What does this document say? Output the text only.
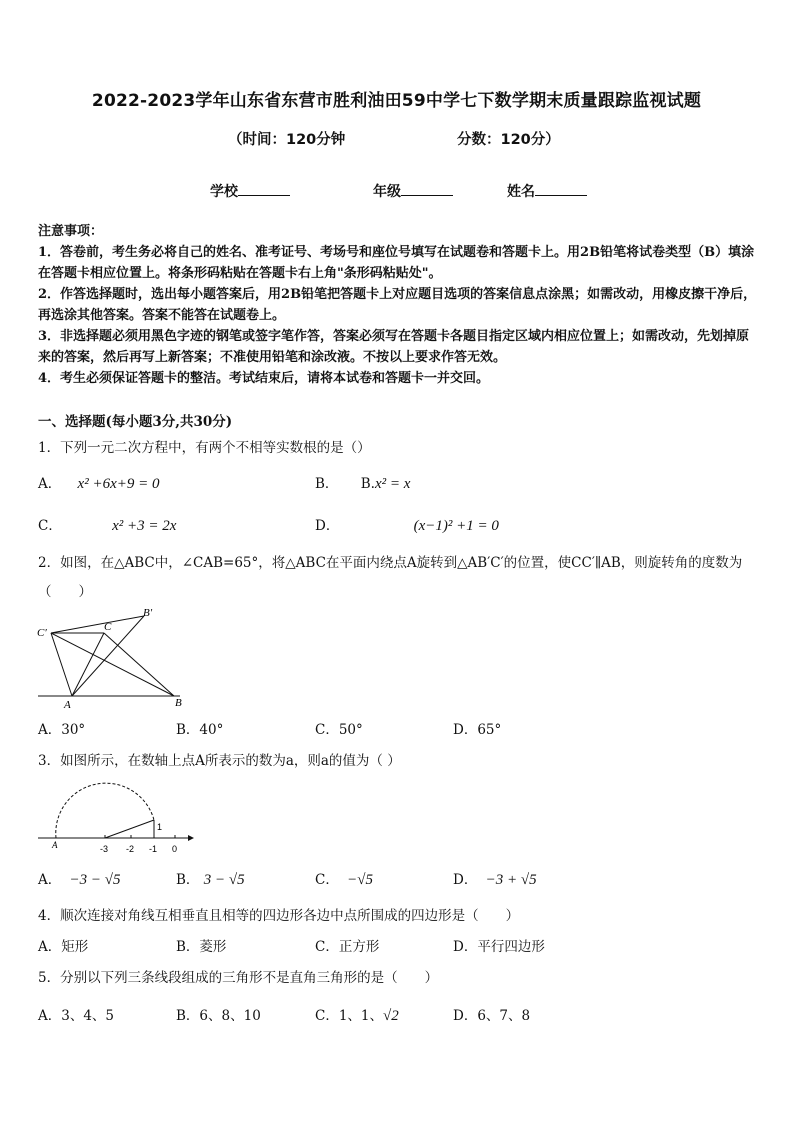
2022-2023学年山东省东营市胜利油田59中学七下数学期末质量跟踪监视试题
（时间：120分钟	分数：120分）
学校	年级	姓名

注意事项：

1．答卷前，考生务必将自己的姓名、准考证号、考场号和座位号填写在试题卷和答题卡上。用2B铅笔将试卷类型（B）填涂在答题卡相应位置上。将条形码粘贴在答题卡右上角"条形码粘贴处"。

2．作答选择题时，选出每小题答案后，用2B铅笔把答题卡上对应题目选项的答案信息点涂黑；如需改动，用橡皮擦干净后，再选涂其他答案。答案不能答在试题卷上。

3．非选择题必须用黑色字迹的钢笔或签字笔作答，答案必须写在答题卡各题目指定区域内相应位置上；如需改动，先划掉原来的答案，然后再写上新答案；不准使用铅笔和涂改液。不按以上要求作答无效。

4．考生必须保证答题卡的整洁。考试结束后，请将本试卷和答题卡一并交回。

一、选择题(每小题3分,共30分)
1．下列一元二次方程中，有两个不相等实数根的是（）
A． x² +6x+9 = 0	B． B.x² = x
C．	x² +3 = 2x	D．	(x−1)² +1 = 0
2．如图，在△ABC中，∠CAB=65°，将△ABC在平面内绕点A旋转到△AB′C′的位置，使CC′∥AB，则旋转角的度数为
（　　）
C′	C
B′
A	B
A．30°	B．40°	C．50°	D．65°
3．如图所示，在数轴上点A所表示的数为a，则a的值为（ ）
A	-3 -2 -1 0
1
A． −3 − √5	B． 3 − √5	C． −√5	D． −3 + √5
4．顺次连接对角线互相垂直且相等的四边形各边中点所围成的四边形是（　　）
A．矩形	B．菱形	C．正方形	D．平行四边形
5．分别以下列三条线段组成的三角形不是直角三角形的是（　　）
A．3、4、5	B．6、8、10	C．1、1、√2	D．6、7、8
